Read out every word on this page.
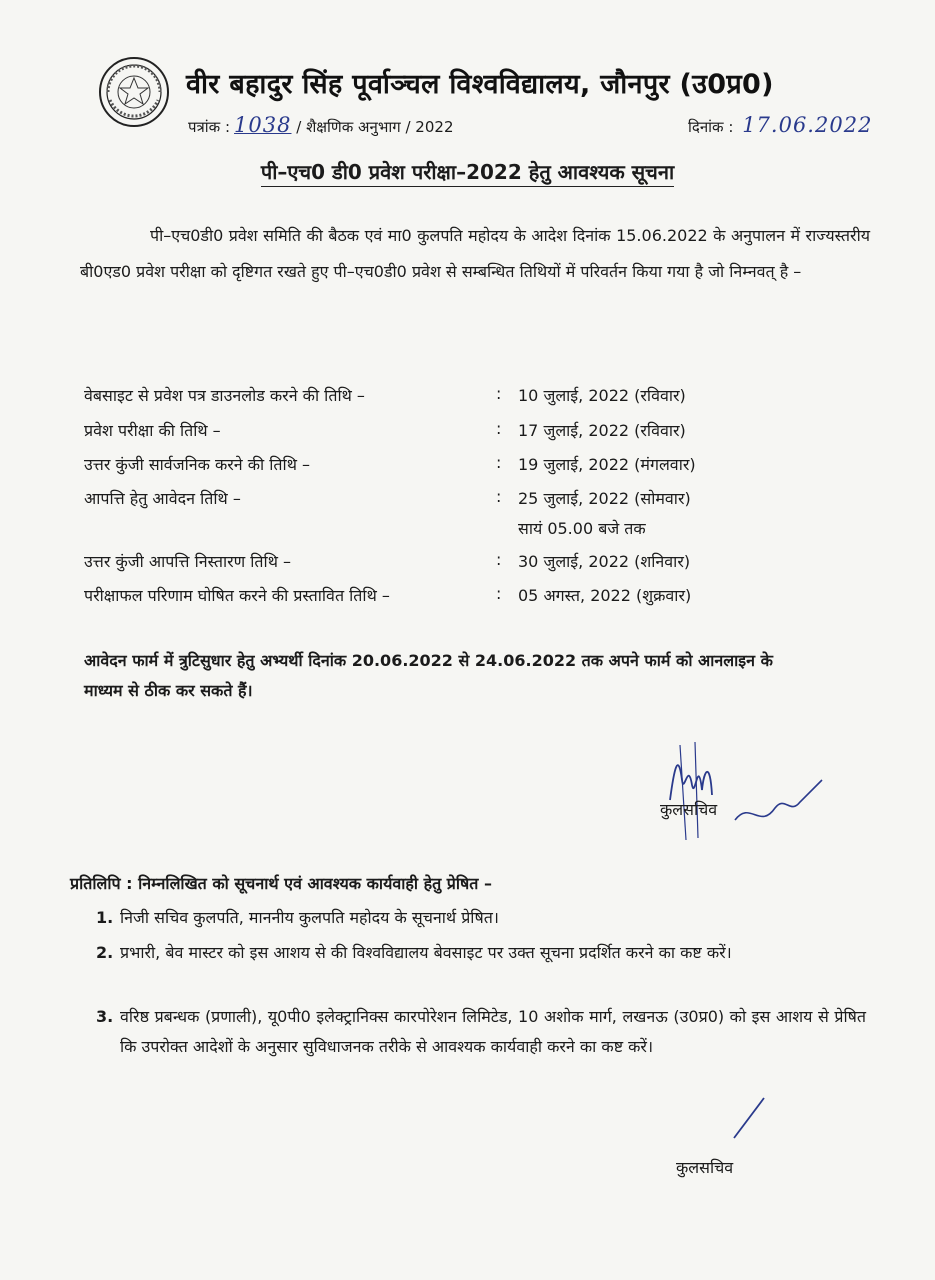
वीर बहादुर सिंह पूर्वाञ्चल विश्वविद्यालय, जौनपुर (उ0प्र0)
पत्रांक : 1038 / शैक्षणिक अनुभाग / 2022	दिनांक : 17.06.2022
पी–एच0 डी0 प्रवेश परीक्षा–2022 हेतु आवश्यक सूचना
पी–एच0डी0 प्रवेश समिति की बैठक एवं मा0 कुलपति महोदय के आदेश दिनांक 15.06.2022 के अनुपालन में राज्यस्तरीय बी0एड0 प्रवेश परीक्षा को दृष्टिगत रखते हुए पी–एच0डी0 प्रवेश से सम्बन्धित तिथियों में परिवर्तन किया गया है जो निम्नवत् है –
वेबसाइट से प्रवेश पत्र डाउनलोड करने की तिथि –	: 10 जुलाई, 2022 (रविवार)
प्रवेश परीक्षा की तिथि –	: 17 जुलाई, 2022 (रविवार)
उत्तर कुंजी सार्वजनिक करने की तिथि –	: 19 जुलाई, 2022 (मंगलवार)
आपत्ति हेतु आवेदन तिथि –	: 25 जुलाई, 2022 (सोमवार)
सायं 05.00 बजे तक
उत्तर कुंजी आपत्ति निस्तारण तिथि –	: 30 जुलाई, 2022 (शनिवार)
परीक्षाफल परिणाम घोषित करने की प्रस्तावित तिथि –	: 05 अगस्त, 2022 (शुक्रवार)
आवेदन फार्म में त्रुटिसुधार हेतु अभ्यर्थी दिनांक 20.06.2022 से 24.06.2022 तक अपने फार्म को आनलाइन के माध्यम से ठीक कर सकते हैं।
कुलसचिव
प्रतिलिपि : निम्नलिखित को सूचनार्थ एवं आवश्यक कार्यवाही हेतु प्रेषित –
1. निजी सचिव कुलपति, माननीय कुलपति महोदय के सूचनार्थ प्रेषित।
2. प्रभारी, बेव मास्टर को इस आशय से की विश्वविद्यालय बेवसाइट पर उक्त सूचना प्रदर्शित करने का कष्ट करें।
3. वरिष्ठ प्रबन्धक (प्रणाली), यू0पी0 इलेक्ट्रानिक्स कारपोरेशन लिमिटेड, 10 अशोक मार्ग, लखनऊ (उ0प्र0) को इस आशय से प्रेषित कि उपरोक्त आदेशों के अनुसार सुविधाजनक तरीके से आवश्यक कार्यवाही करने का कष्ट करें।
कुलसचिव
